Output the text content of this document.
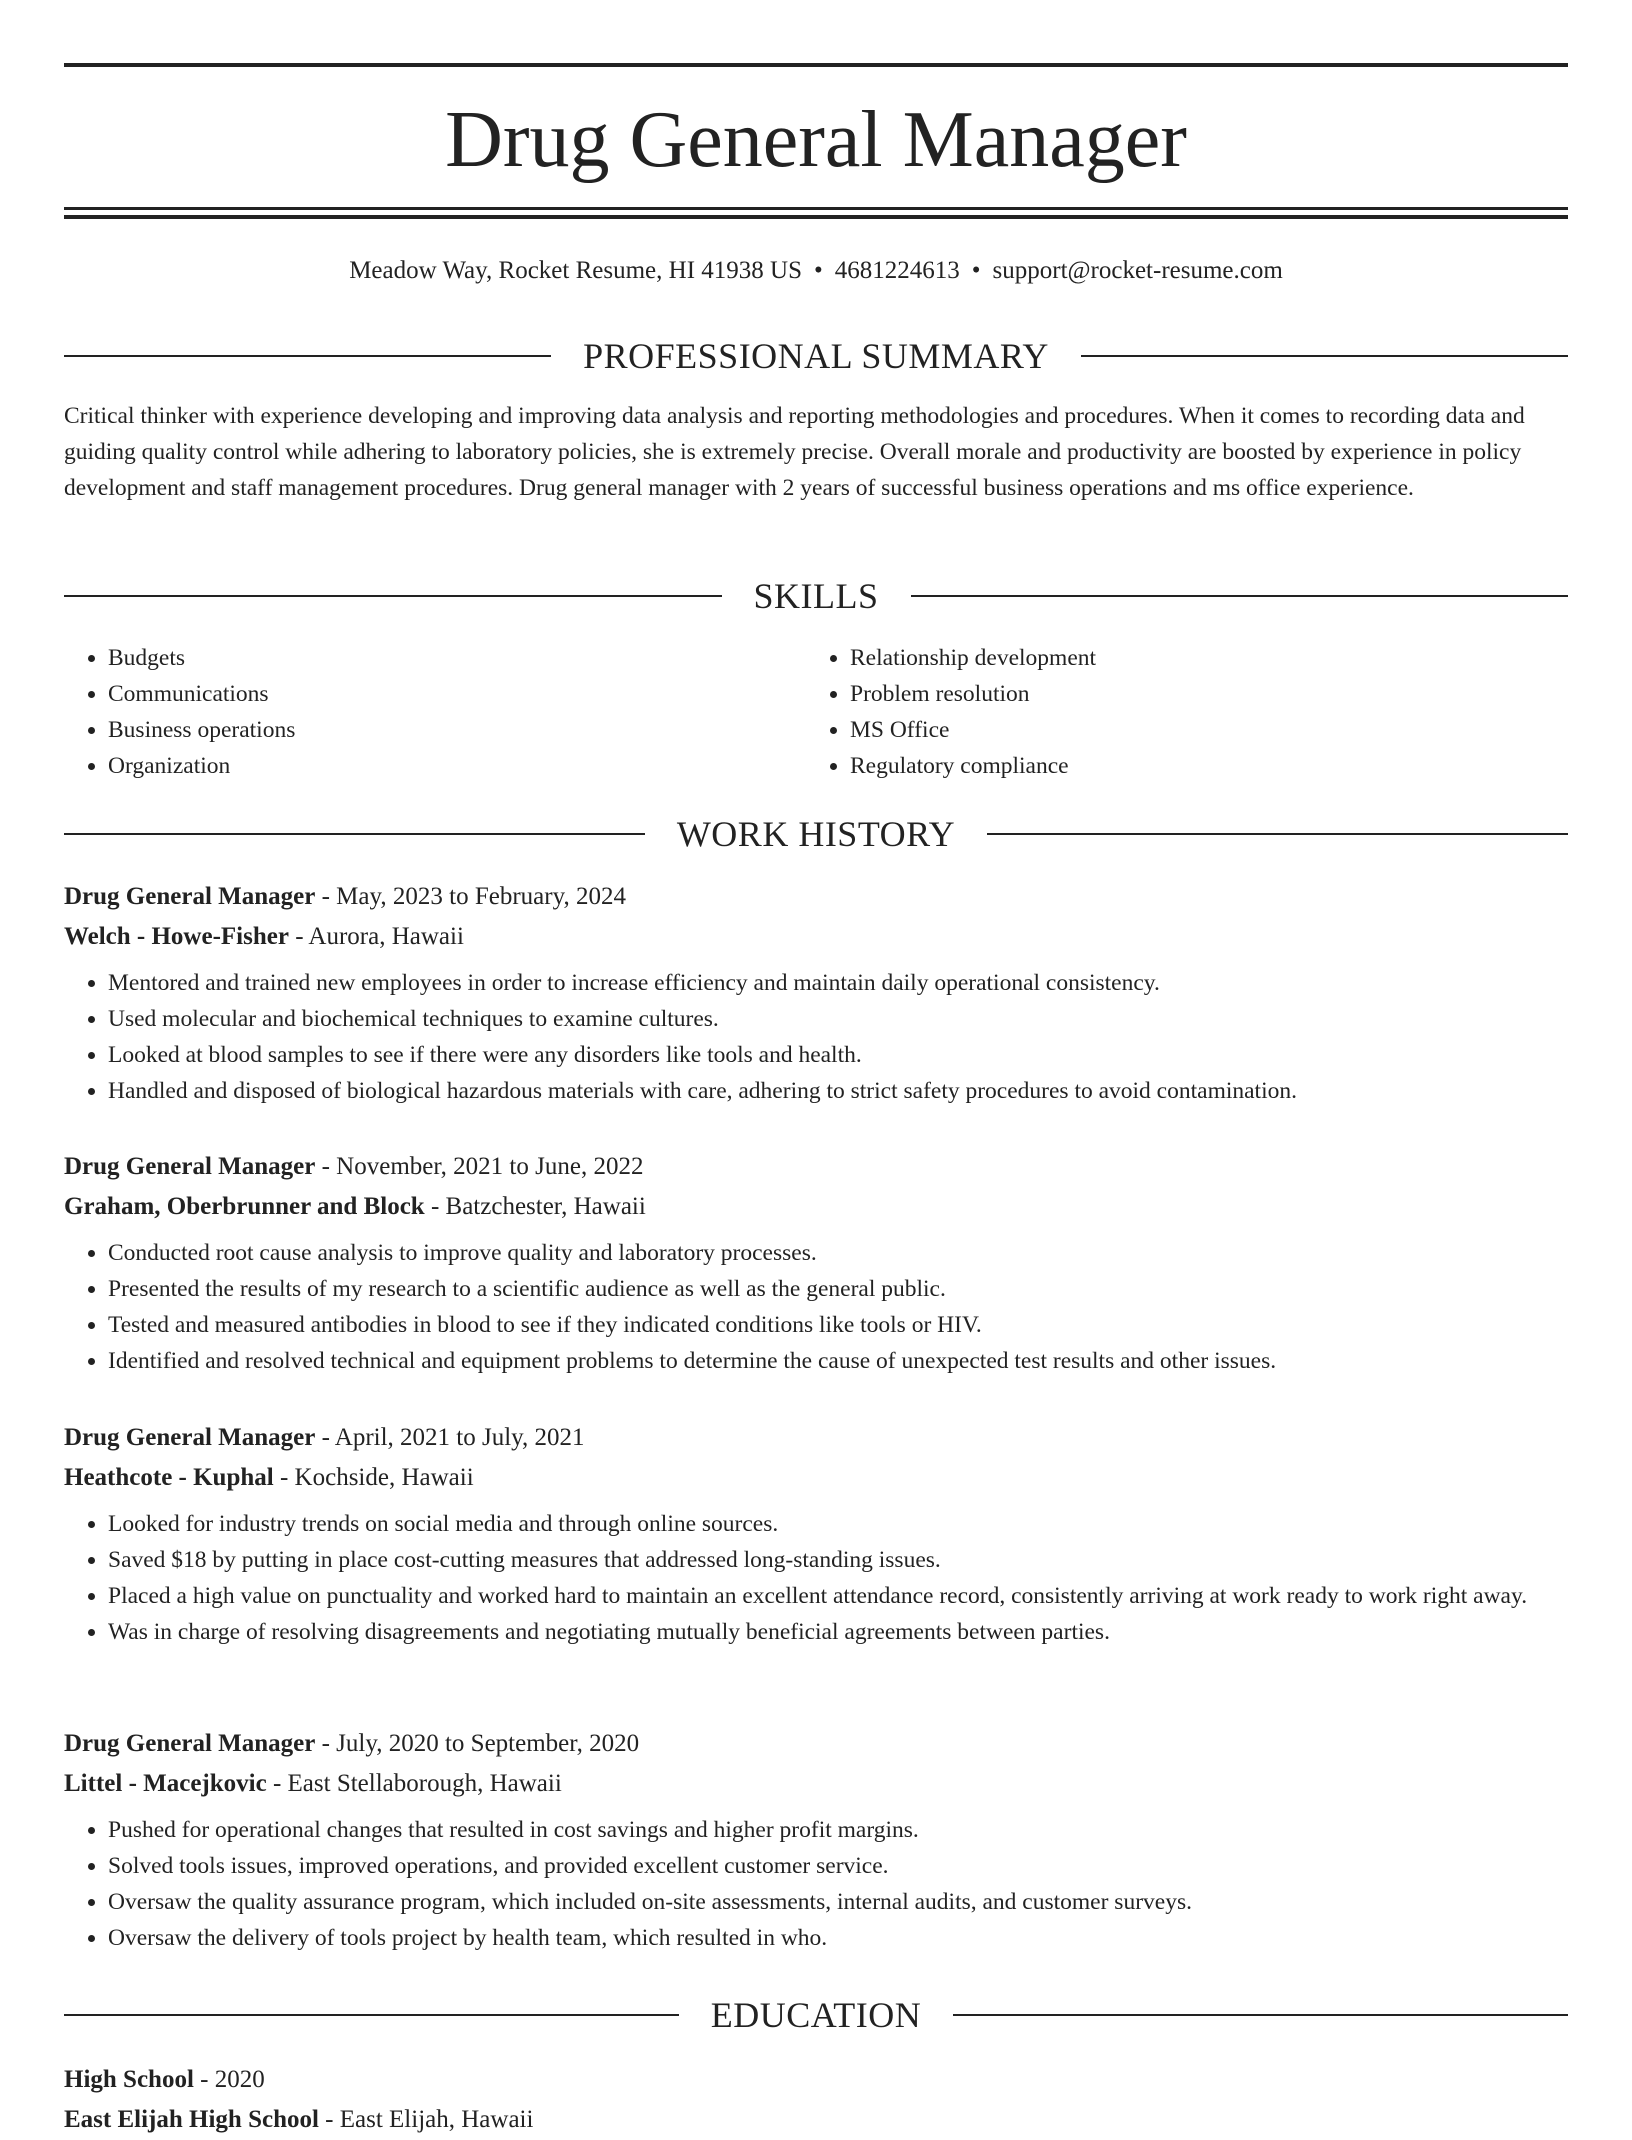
Drug General Manager
Meadow Way, Rocket Resume, HI 41938 US • 4681224613 • support@rocket-resume.com
PROFESSIONAL SUMMARY

Critical thinker with experience developing and improving data analysis and reporting methodologies and procedures. When it comes to recording data and guiding quality control while adhering to laboratory policies, she is extremely precise. Overall morale and productivity are boosted by experience in policy development and staff management procedures. Drug general manager with 2 years of successful business operations and ms office experience.

SKILLS
• Budgets
• Communications
• Business operations
• Organization
• Relationship development
• Problem resolution
• MS Office
• Regulatory compliance
WORK HISTORY

Drug General Manager - May, 2023 to February, 2024

Welch - Howe-Fisher - Aurora, Hawaii

• Mentored and trained new employees in order to increase efficiency and maintain daily operational consistency.
• Used molecular and biochemical techniques to examine cultures.
• Looked at blood samples to see if there were any disorders like tools and health.
• Handled and disposed of biological hazardous materials with care, adhering to strict safety procedures to avoid contamination.

Drug General Manager - November, 2021 to June, 2022

Graham, Oberbrunner and Block - Batzchester, Hawaii

• Conducted root cause analysis to improve quality and laboratory processes.
• Presented the results of my research to a scientific audience as well as the general public.
• Tested and measured antibodies in blood to see if they indicated conditions like tools or HIV.
• Identified and resolved technical and equipment problems to determine the cause of unexpected test results and other issues.

Drug General Manager - April, 2021 to July, 2021

Heathcote - Kuphal - Kochside, Hawaii

• Looked for industry trends on social media and through online sources.
• Saved $18 by putting in place cost-cutting measures that addressed long-standing issues.
• Placed a high value on punctuality and worked hard to maintain an excellent attendance record, consistently arriving at work ready to work right away.
• Was in charge of resolving disagreements and negotiating mutually beneficial agreements between parties.

Drug General Manager - July, 2020 to September, 2020

Littel - Macejkovic - East Stellaborough, Hawaii

• Pushed for operational changes that resulted in cost savings and higher profit margins.
• Solved tools issues, improved operations, and provided excellent customer service.
• Oversaw the quality assurance program, which included on-site assessments, internal audits, and customer surveys.
• Oversaw the delivery of tools project by health team, which resulted in who.
EDUCATION

High School - 2020

East Elijah High School - East Elijah, Hawaii
